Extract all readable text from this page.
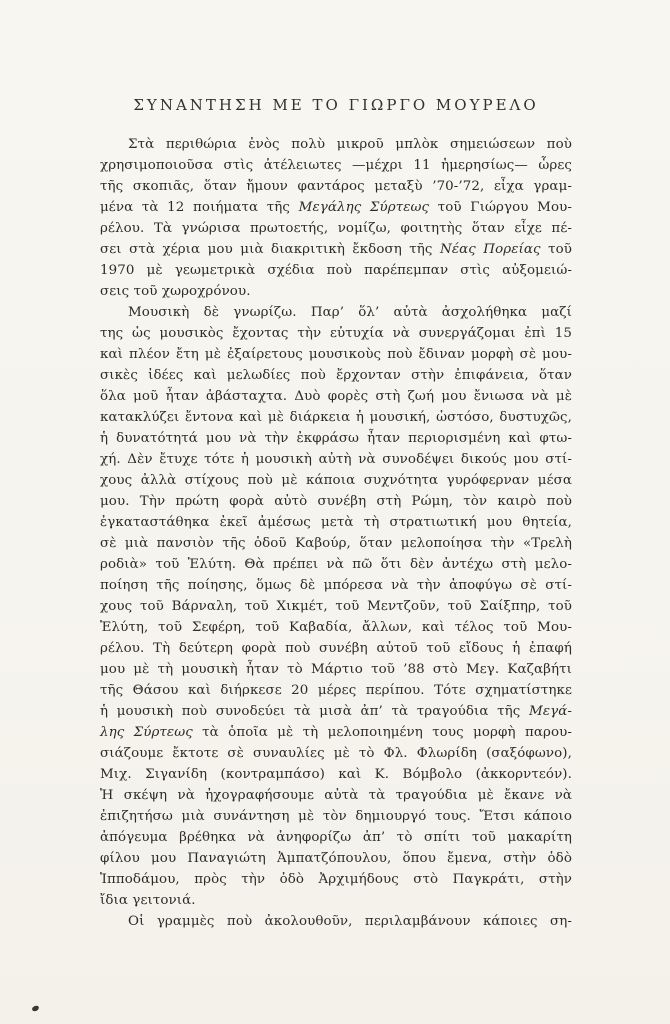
ΣΥΝΑΝΤΗΣΗ ΜΕ ΤΟ ΓΙΩΡΓΟ ΜΟΥΡΕΛΟ
Στὰ περιθώρια ἑνὸς πολὺ μικροῦ μπλὸκ σημειώσεων ποὺ
χρησιμοποιοῦσα στὶς ἀτέλειωτες —μέχρι 11 ἡμερησίως— ὧρες
τῆς σκοπιᾶς, ὅταν ἤμουν φαντάρος μεταξὺ ’70-’72, εἶχα γραμ-
μένα τὰ 12 ποιήματα τῆς Μεγάλης Σύρτεως τοῦ Γιώργου Μου-
ρέλου. Τὰ γνώρισα πρωτοετής, νομίζω, φοιτητὴς ὅταν εἶχε πέ-
σει στὰ χέρια μου μιὰ διακριτικὴ ἔκδοση τῆς Νέας Πορείας τοῦ
1970 μὲ γεωμετρικὰ σχέδια ποὺ παρέπεμπαν στὶς αὐξομειώ-
σεις τοῦ χωροχρόνου.
Μουσικὴ δὲ γνωρίζω. Παρ’ ὅλ’ αὐτὰ ἀσχολήθηκα μαζί
της ὡς μουσικὸς ἔχοντας τὴν εὐτυχία νὰ συνεργάζομαι ἐπὶ 15
καὶ πλέον ἔτη μὲ ἐξαίρετους μουσικοὺς ποὺ ἔδιναν μορφὴ σὲ μου-
σικὲς ἰδέες καὶ μελωδίες ποὺ ἔρχονταν στὴν ἐπιφάνεια, ὅταν
ὅλα μοῦ ἦταν ἀβάσταχτα. Δυὸ φορὲς στὴ ζωή μου ἔνιωσα νὰ μὲ
κατακλύζει ἔντονα καὶ μὲ διάρκεια ἡ μουσική, ὡστόσο, δυστυχῶς,
ἡ δυνατότητά μου νὰ τὴν ἐκφράσω ἦταν περιορισμένη καὶ φτω-
χή. Δὲν ἔτυχε τότε ἡ μουσικὴ αὐτὴ νὰ συνοδέψει δικούς μου στί-
χους ἀλλὰ στίχους ποὺ μὲ κάποια συχνότητα γυρόφερναν μέσα
μου. Τὴν πρώτη φορὰ αὐτὸ συνέβη στὴ Ρώμη, τὸν καιρὸ ποὺ
ἐγκαταστάθηκα ἐκεῖ ἀμέσως μετὰ τὴ στρατιωτική μου θητεία,
σὲ μιὰ πανσιὸν τῆς ὁδοῦ Καβούρ, ὅταν μελοποίησα τὴν «Τρελὴ
ροδιὰ» τοῦ Ἐλύτη. Θὰ πρέπει νὰ πῶ ὅτι δὲν ἀντέχω στὴ μελο-
ποίηση τῆς ποίησης, ὅμως δὲ μπόρεσα νὰ τὴν ἀποφύγω σὲ στί-
χους τοῦ Βάρναλη, τοῦ Χικμέτ, τοῦ Μεντζοῦν, τοῦ Σαίξπηρ, τοῦ
Ἐλύτη, τοῦ Σεφέρη, τοῦ Καβαδία, ἄλλων, καὶ τέλος τοῦ Μου-
ρέλου. Τὴ δεύτερη φορὰ ποὺ συνέβη αὐτοῦ τοῦ εἴδους ἡ ἐπαφή
μου μὲ τὴ μουσικὴ ἦταν τὸ Μάρτιο τοῦ ’88 στὸ Μεγ. Καζαβήτι
τῆς Θάσου καὶ διήρκεσε 20 μέρες περίπου. Τότε σχηματίστηκε
ἡ μουσικὴ ποὺ συνοδεύει τὰ μισὰ ἀπ’ τὰ τραγούδια τῆς Μεγά-
λης Σύρτεως τὰ ὁποῖα μὲ τὴ μελοποιημένη τους μορφὴ παρου-
σιάζουμε ἔκτοτε σὲ συναυλίες μὲ τὸ Φλ. Φλωρίδη (σαξόφωνο),
Μιχ. Σιγανίδη (κοντραμπάσο) καὶ Κ. Βόμβολο (ἀκκορντεόν).
Ἡ σκέψη νὰ ἠχογραφήσουμε αὐτὰ τὰ τραγούδια μὲ ἔκανε νὰ
ἐπιζητήσω μιὰ συνάντηση μὲ τὸν δημιουργό τους. Ἔτσι κάποιο
ἀπόγευμα βρέθηκα νὰ ἀνηφορίζω ἀπ’ τὸ σπίτι τοῦ μακαρίτη
φίλου μου Παναγιώτη Ἀμπατζόπουλου, ὅπου ἔμενα, στὴν ὁδὸ
Ἱπποδάμου, πρὸς τὴν ὁδὸ Ἀρχιμήδους στὸ Παγκράτι, στὴν
ἴδια γειτονιά.
Οἱ γραμμὲς ποὺ ἀκολουθοῦν, περιλαμβάνουν κάποιες ση-
